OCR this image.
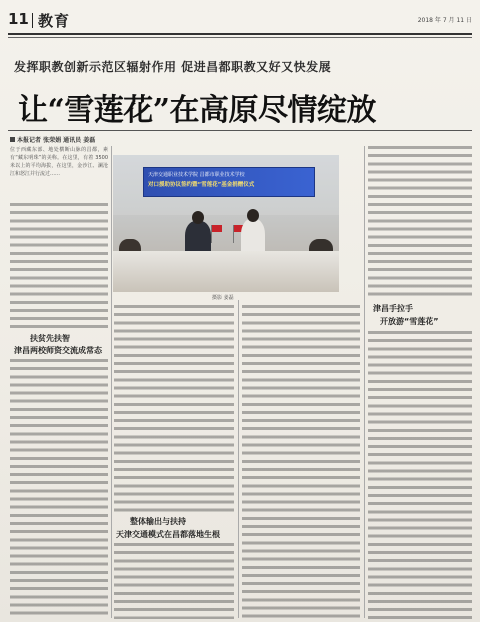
11 教育	2018 年 7 月 11 日
发挥职教创新示范区辐射作用 促进昌都职教又好又快发展
让“雪莲花”在高原尽情绽放
本报记者 张荣娟 通讯员 姜磊
位于西藏东部、地处横断山脉的昌都，素有“藏东明珠”的美称。在这里，有着 3500 米以上的平均海拔，在这里，金沙江、澜沧江和怒江并行流过……
扶贫先扶智
津昌两校师资交流成常态
天津交通职业技术学院 昌都市职业技术学校
对口援助协议签约暨“雪莲花”基金捐赠仪式
摄影 姜磊
整体输出与扶持
天津交通模式在昌都落地生根
津昌手拉手
开放游“雪莲花”
